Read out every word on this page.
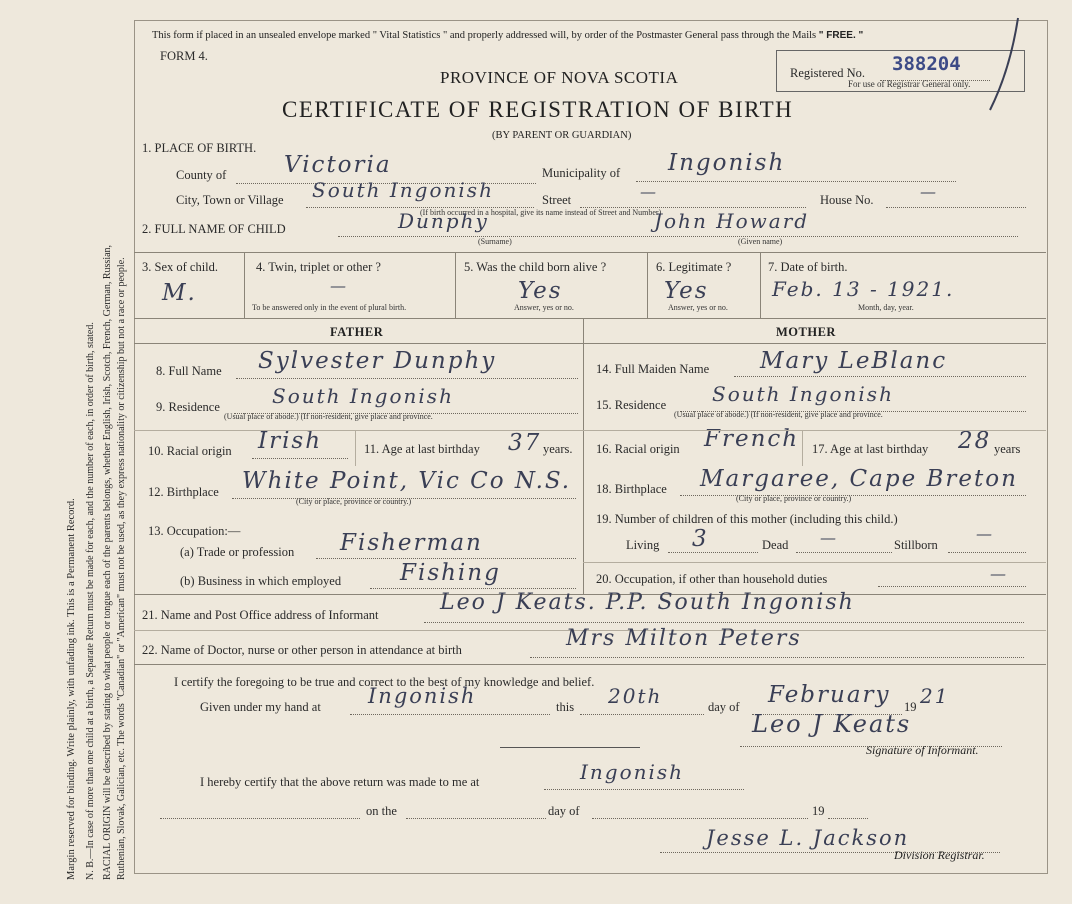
Margin reserved for binding. Write plainly, with unfading ink. This is a Permanent Record. N. B.—In case of more than one child at a birth, a Separate Return must be made for each, and the number of each, in order of birth, stated. RACIAL ORIGIN will be described by stating to what people or tongue each of the parents belongs, whether English, Irish, Scotch, French, German, Russian, Ruthenian, Slovak, Galician, etc. The words "Canadian" or "American" must not be used, as they express nationality or citizenship but not a race or people.
This form if placed in an unsealed envelope marked " Vital Statistics " and properly addressed will, by order of the Postmaster General pass through the Mails " FREE. "
FORM 4.
PROVINCE OF NOVA SCOTIA
CERTIFICATE OF REGISTRATION OF BIRTH
(BY PARENT OR GUARDIAN)
Registered No. 388204
For use of Registrar General only.
1. PLACE OF BIRTH.
County of	Victoria	Municipality of Ingonish
City, Town or Village South Ingonish	Street	—	House No.	—
(If birth occurred in a hospital, give its name instead of Street and Number)
2. FULL NAME OF CHILD	Dunphy
(Surname)
John Howard
(Given name)
3. Sex of child.
M.
4. Twin, triplet or other ?
—
To be answered only in the event of plural birth.
5. Was the child born alive ?
Yes
Answer, yes or no.
6. Legitimate ?
Yes
Answer, yes or no.
7. Date of birth.
Feb. 13 - 1921.
Month, day, year.
FATHER	MOTHER
8. Full Name Sylvester Dunphy
9. Residence	South Ingonish
(Usual place of abode.) (If non-resident, give place and province.
10. Racial origin Irish	11. Age at last birthday 37 years.
12. Birthplace White Point, Vic Co N.S.
(City or place, province or country.)
13. Occupation:—
(a) Trade or profession Fisherman
(b) Business in which employed	Fishing
14. Full Maiden Name Mary LeBlanc
15. Residence South Ingonish
(Usual place of abode.) (If non-resident, give place and province.
16. Racial origin French 17. Age at last birthday 28 years
18. Birthplace Margaree, Cape Breton
(City or place, province or country.)
19. Number of children of this mother (including this child.)
Living 3	Dead —	Stillborn
—
20. Occupation, if other than household duties	—
21. Name and Post Office address of Informant	Leo J Keats. P.P. South Ingonish
22. Name of Doctor, nurse or other person in attendance at birth	Mrs Milton Peters
I certify the foregoing to be true and correct to the best of my knowledge and belief.
Given under my hand at Ingonish	this 20th	day of February 19 21
Leo J Keats
Signature of Informant.
I hereby certify that the above return was made to me at	Ingonish
on the	day of	19
Jesse L. Jackson
Division Registrar.
